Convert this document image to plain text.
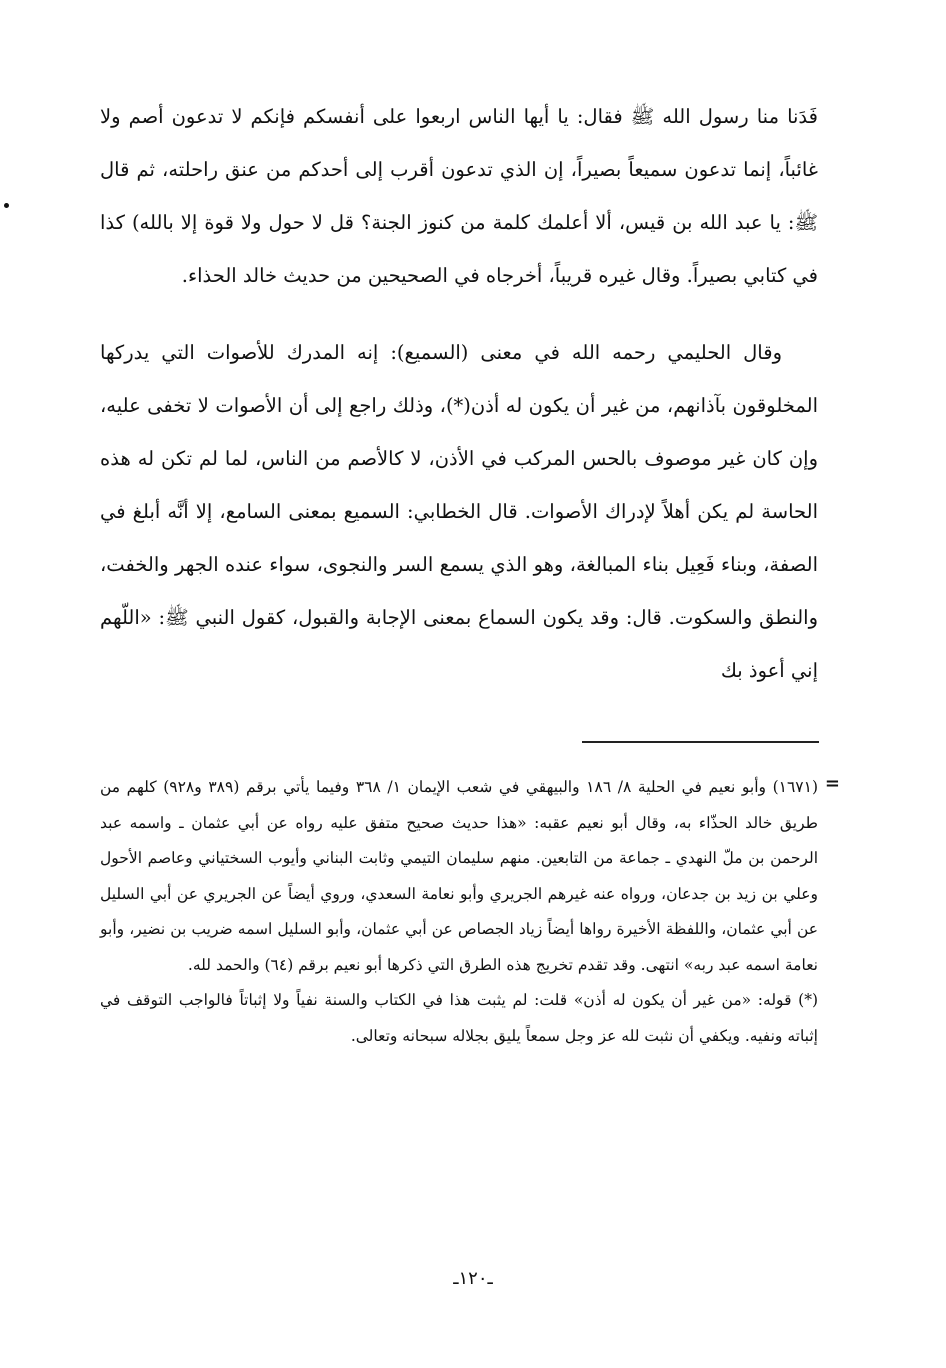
فَدَنا منا رسول الله ﷺ فقال: يا أيها الناس اربعوا على أنفسكم فإنكم لا تدعون أصم ولا غائباً، إنما تدعون سميعاً بصيراً، إن الذي تدعون أقرب إلى أحدكم من عنق راحلته، ثم قال ﷺ: يا عبد الله بن قيس، ألا أعلمك كلمة من كنوز الجنة؟ قل لا حول ولا قوة إلا بالله) كذا في كتابي بصيراً. وقال غيره قريباً، أخرجاه في الصحيحين من حديث خالد الحذاء.

وقال الحليمي رحمه الله في معنى (السميع): إنه المدرك للأصوات التي يدركها المخلوقون بآذانهم، من غير أن يكون له أذن(*)، وذلك راجع إلى أن الأصوات لا تخفى عليه، وإن كان غير موصوف بالحس المركب في الأذن، لا كالأصم من الناس، لما لم تكن له هذه الحاسة لم يكن أهلاً لإدراك الأصوات. قال الخطابي: السميع بمعنى السامع، إلا أنَّه أبلغ في الصفة، وبناء فَعِيل بناء المبالغة، وهو الذي يسمع السر والنجوى، سواء عنده الجهر والخفت، والنطق والسكوت. قال: وقد يكون السماع بمعنى الإجابة والقبول، كقول النبي ﷺ: «اللّهم إني أعوذ بك

=

(١٦٧١) وأبو نعيم في الحلية ٨/ ١٨٦ والبيهقي في شعب الإيمان ١/ ٣٦٨ وفيما يأتي برقم (٣٨٩ و٩٢٨) كلهم من طريق خالد الحذّاء به، وقال أبو نعيم عقبه: «هذا حديث صحيح متفق عليه رواه عن أبي عثمان ـ واسمه عبد الرحمن بن ملّ النهدي ـ جماعة من التابعين. منهم سليمان التيمي وثابت البناني وأيوب السختياني وعاصم الأحول وعلي بن زيد بن جدعان، ورواه عنه غيرهم الجريري وأبو نعامة السعدي، وروي أيضاً عن الجريري عن أبي السليل عن أبي عثمان، واللفظة الأخيرة رواها أيضاً زياد الجصاص عن أبي عثمان، وأبو السليل اسمه ضريب بن نضير، وأبو نعامة اسمه عبد ربه» انتهى. وقد تقدم تخريج هذه الطرق التي ذكرها أبو نعيم برقم (٦٤) والحمد لله.

(*) قوله: «من غير أن يكون له أذن» قلت: لم يثبت هذا في الكتاب والسنة نفياً ولا إثباتاً فالواجب التوقف في إثباته ونفيه. ويكفي أن نثبت لله عز وجل سمعاً يليق بجلاله سبحانه وتعالى.

ـ١٢٠ـ
